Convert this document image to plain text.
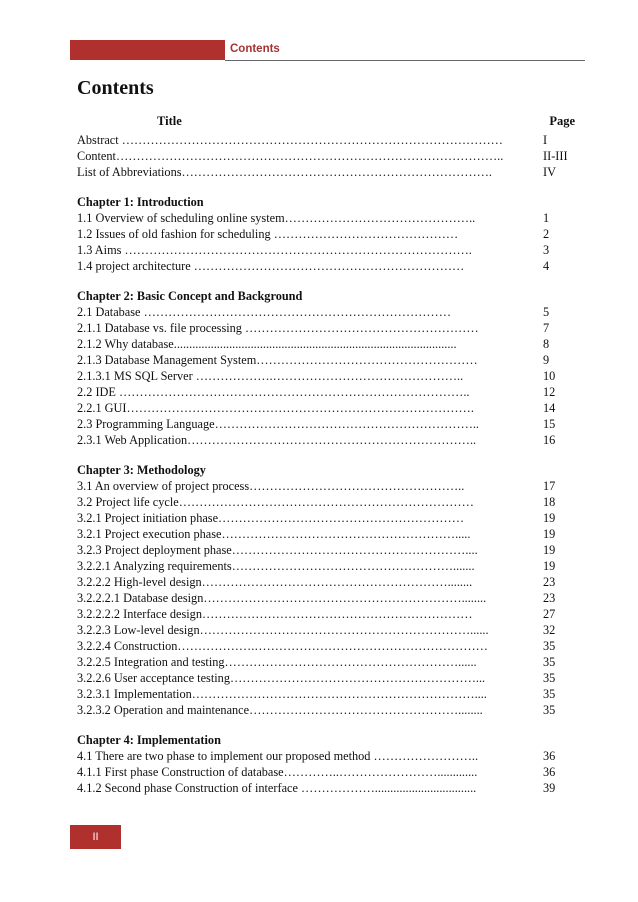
Contents
Contents
Title	Page
Abstract …………………………………………………………………………………	I
Content…………………………………………………………………………………..	II-III
List of Abbreviations………………………………………………………………….	IV
Chapter 1: Introduction
1.1 Overview of scheduling online system………………………………………..	1
1.2 Issues of old fashion for scheduling ………………………………………	2
1.3 Aims ………………………………………………………………………….	3
1.4 project architecture …………………………………………………………	4
Chapter 2: Basic Concept and Background
2.1 Database …………………………………………………………………	5
2.1.1 Database vs. file processing …………………………………………………	7
2.1.2 Why database............................................................................................	8
2.1.3 Database Management System………………………………………………	9
2.1.3.1 MS SQL Server ……………….………………………………………..	10
2.2 IDE …………………………………………………………………………..	12
2.2.1 GUI………………………………………………………………………….	14
2.3 Programming Language………………………………………………………..	15
2.3.1 Web Application……………………………………………………………..	16
Chapter 3: Methodology
3.1 An overview of project process……………………………………………..	17
3.2 Project life cycle………………………………………………………………	18
3.2.1 Project initiation phase……………………………………………………	19
3.2.1 Project execution phase………………………………………………….....	19
3.2.3 Project deployment phase…………………………………………………....	19
3.2.2.1 Analyzing requirements……………………………………………….......	19
3.2.2.2 High-level design……………………………………………………........	23
3.2.2.2.1 Database design………………………………………………………........	23
3.2.2.2.2 Interface design…………………………………………………………	27
3.2.2.3 Low-level design…………………………………………………………......	32
3.2.2.4 Construction……………….…………………………………………………	35
3.2.2.5 Integration and testing…………………………………………………......	35
3.2.2.6 User acceptance testing……………………………………………………...	35
3.2.3.1 Implementation……………………………………………………………....	35
3.2.3.2 Operation and maintenance……………………………………………........	35
Chapter 4: Implementation
4.1 There are two phase to implement our proposed method ……………………..	36
4.1.1 First phase Construction of database…………..…………………….............	36
4.1.2 Second phase Construction of interface ……………….................................	39
II
